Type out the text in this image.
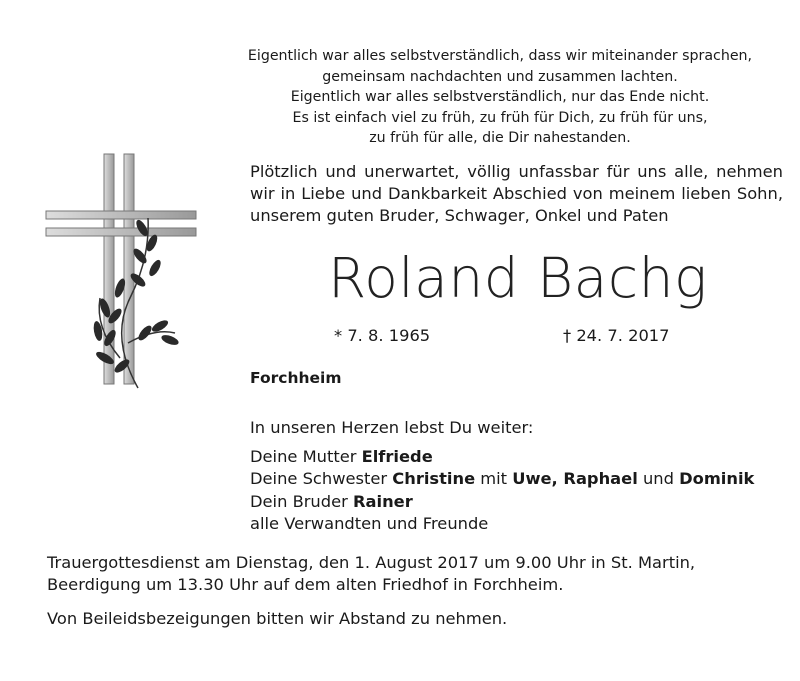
Eigentlich war alles selbstverständlich, dass wir miteinander sprachen,
gemeinsam nachdachten und zusammen lachten.
Eigentlich war alles selbstverständlich, nur das Ende nicht.
Es ist einfach viel zu früh, zu früh für Dich, zu früh für uns,
zu früh für alle, die Dir nahestanden.
Plötzlich und unerwartet, völlig unfassbar für uns alle, nehmen wir in Liebe und Dankbarkeit Abschied von meinem lieben Sohn, unserem guten Bruder, Schwager, Onkel und Paten
Roland Bachg
* 7. 8. 1965	† 24. 7. 2017
Forchheim
In unseren Herzen lebst Du weiter:
Deine Mutter Elfriede
Deine Schwester Christine mit Uwe, Raphael und Dominik
Dein Bruder Rainer
alle Verwandten und Freunde
Trauergottesdienst am Dienstag, den 1. August 2017 um 9.00 Uhr in St. Martin,
Beerdigung um 13.30 Uhr auf dem alten Friedhof in Forchheim.
Von Beileidsbezeigungen bitten wir Abstand zu nehmen.
